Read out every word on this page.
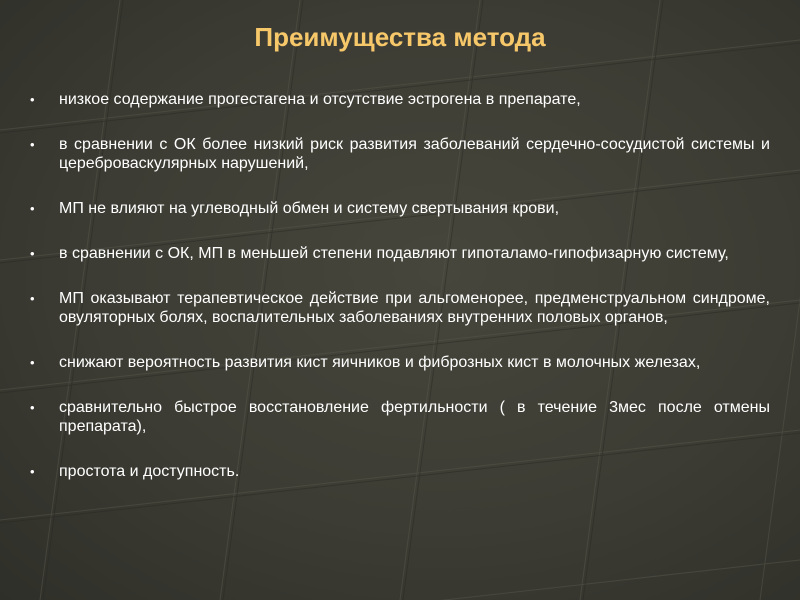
Преимущества метода
• низкое содержание прогестагена и отсутствие эстрогена в препарате,
• в сравнении с ОК более низкий риск развития заболеваний сердечно-сосудистой системы и цереброваскулярных нарушений,
• МП не влияют на углеводный обмен и систему свертывания крови,
• в сравнении с ОК, МП в меньшей степени подавляют гипоталамо-гипофизарную систему,
• МП оказывают терапевтическое действие при альгоменорее, предменструальном синдроме, овуляторных болях, воспалительных заболеваниях внутренних половых органов,
• снижают вероятность развития кист яичников и фиброзных кист в молочных железах,
• сравнительно быстрое восстановление фертильности ( в течение 3мес после отмены препарата),
• простота и доступность.
